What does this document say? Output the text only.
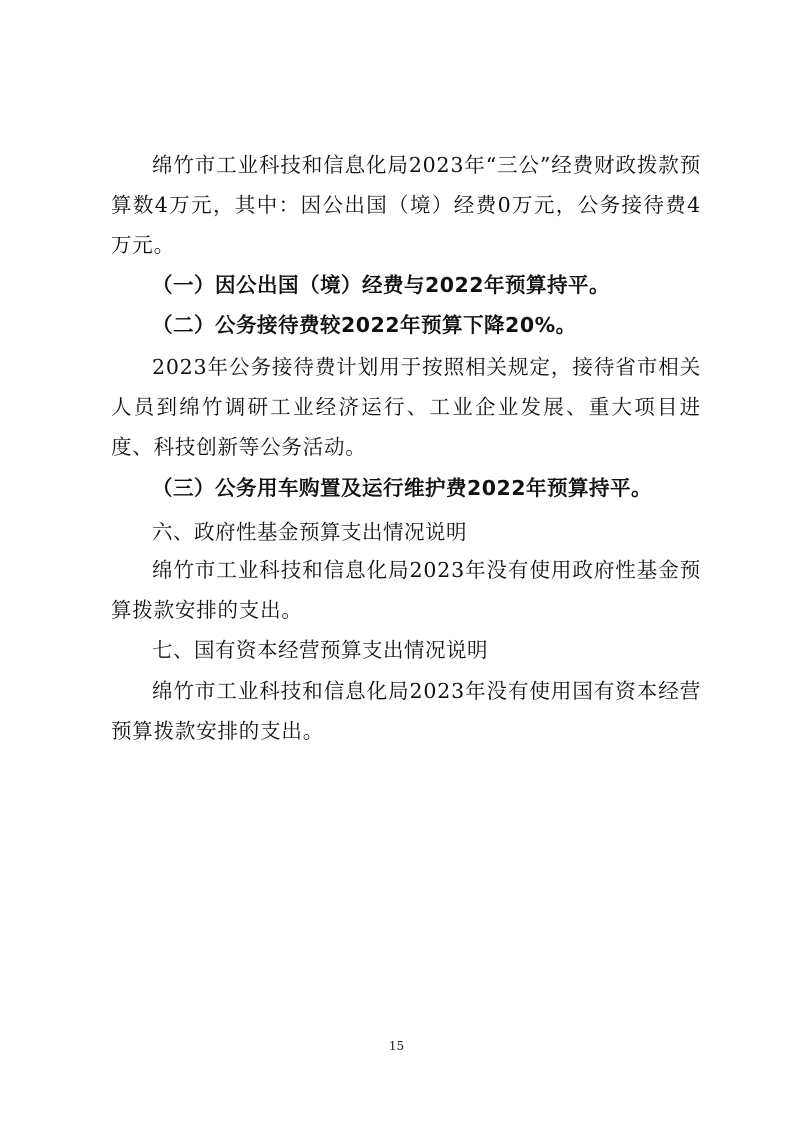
绵竹市工业科技和信息化局2023年“三公”经费财政拨款预算数4万元，其中：因公出国（境）经费0万元，公务接待费4万元。

（一）因公出国（境）经费与2022年预算持平。

（二）公务接待费较2022年预算下降20%。

2023年公务接待费计划用于按照相关规定，接待省市相关人员到绵竹调研工业经济运行、工业企业发展、重大项目进度、科技创新等公务活动。

（三）公务用车购置及运行维护费2022年预算持平。

六、政府性基金预算支出情况说明

绵竹市工业科技和信息化局2023年没有使用政府性基金预算拨款安排的支出。

七、国有资本经营预算支出情况说明

绵竹市工业科技和信息化局2023年没有使用国有资本经营预算拨款安排的支出。

15
